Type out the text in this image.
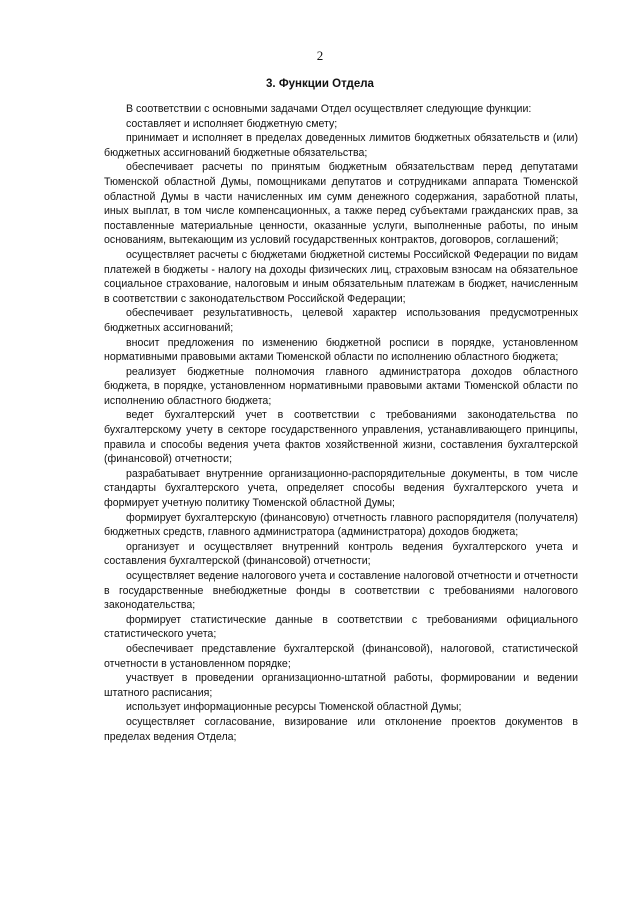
2
3. Функции Отдела

В соответствии с основными задачами Отдел осуществляет следующие функции:

составляет и исполняет бюджетную смету;

принимает и исполняет в пределах доведенных лимитов бюджетных обязательств и (или) бюджетных ассигнований бюджетные обязательства;

обеспечивает расчеты по принятым бюджетным обязательствам перед депутатами Тюменской областной Думы, помощниками депутатов и сотрудниками аппарата Тюменской областной Думы в части начисленных им сумм денежного содержания, заработной платы, иных выплат, в том числе компенсационных, а также перед субъектами гражданских прав, за поставленные материальные ценности, оказанные услуги, выполненные работы, по иным основаниям, вытекающим из условий государственных контрактов, договоров, соглашений;

осуществляет расчеты с бюджетами бюджетной системы Российской Федерации по видам платежей в бюджеты - налогу на доходы физических лиц, страховым взносам на обязательное социальное страхование, налоговым и иным обязательным платежам в бюджет, начисленным в соответствии с законодательством Российской Федерации;

обеспечивает результативность, целевой характер использования предусмотренных бюджетных ассигнований;

вносит предложения по изменению бюджетной росписи в порядке, установленном нормативными правовыми актами Тюменской области по исполнению областного бюджета;

реализует бюджетные полномочия главного администратора доходов областного бюджета, в порядке, установленном нормативными правовыми актами Тюменской области по исполнению областного бюджета;

ведет бухгалтерский учет в соответствии с требованиями законодательства по бухгалтерскому учету в секторе государственного управления, устанавливающего принципы, правила и способы ведения учета фактов хозяйственной жизни, составления бухгалтерской (финансовой) отчетности;

разрабатывает внутренние организационно-распорядительные документы, в том числе стандарты бухгалтерского учета, определяет способы ведения бухгалтерского учета и формирует учетную политику Тюменской областной Думы;

формирует бухгалтерскую (финансовую) отчетность главного распорядителя (получателя) бюджетных средств, главного администратора (администратора) доходов бюджета;

организует и осуществляет внутренний контроль ведения бухгалтерского учета и составления бухгалтерской (финансовой) отчетности;

осуществляет ведение налогового учета и составление налоговой отчетности и отчетности в государственные внебюджетные фонды в соответствии с требованиями налогового законодательства;

формирует статистические данные в соответствии с требованиями официального статистического учета;

обеспечивает представление бухгалтерской (финансовой), налоговой, статистической отчетности в установленном порядке;

участвует в проведении организационно-штатной работы, формировании и ведении штатного расписания;

использует информационные ресурсы Тюменской областной Думы;

осуществляет согласование, визирование или отклонение проектов документов в пределах ведения Отдела;
